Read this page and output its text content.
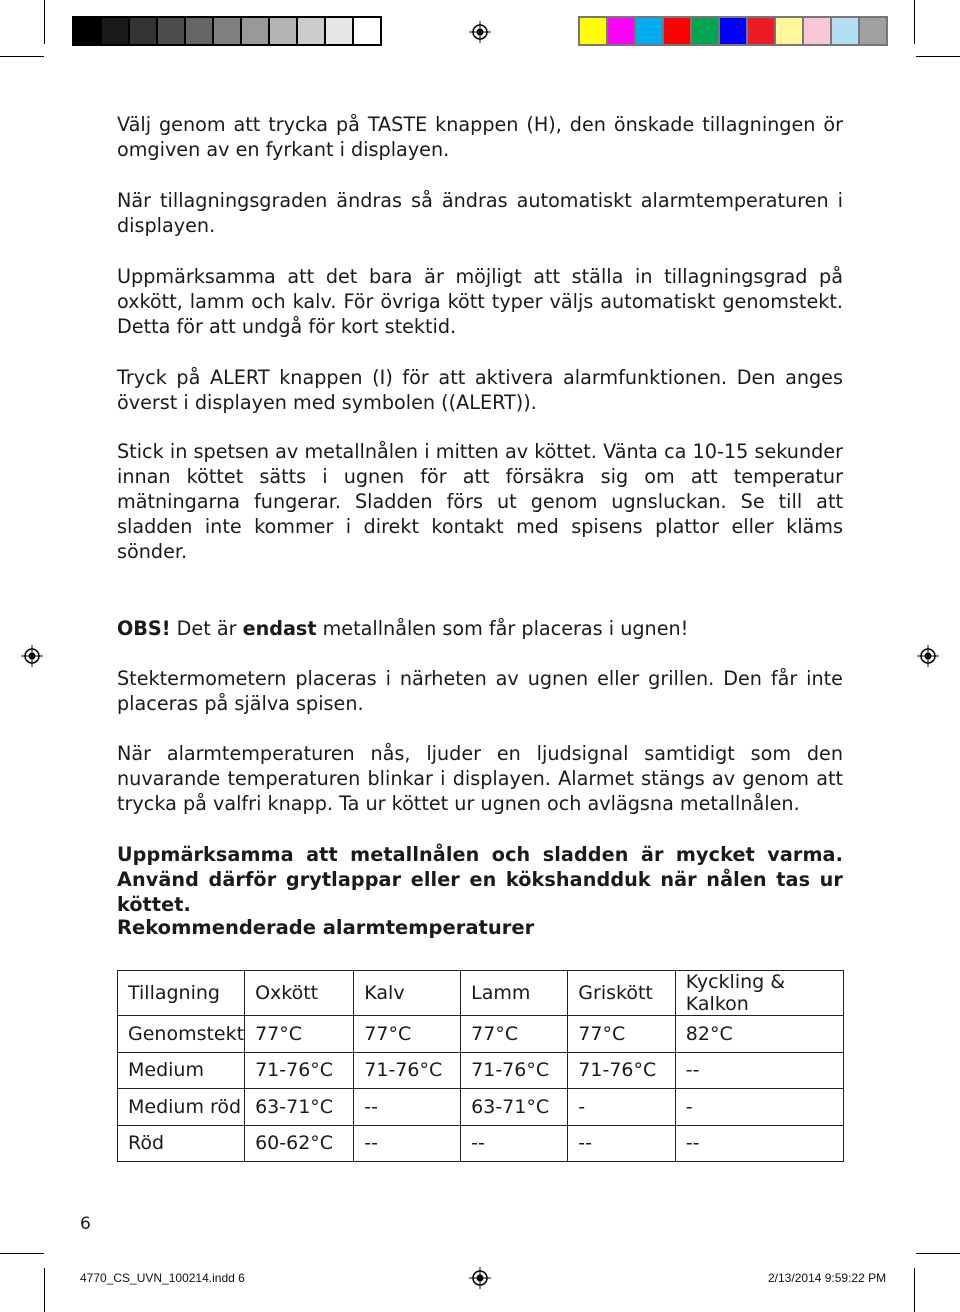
Välj genom att trycka på TASTE knappen (H), den önskade tillagningen ör omgiven av en fyrkant i displayen.

När tillagningsgraden ändras så ändras automatiskt alarmtemperaturen i displayen.

Uppmärksamma att det bara är möjligt att ställa in tillagningsgrad på oxkött, lamm och kalv. För övriga kött typer väljs automatiskt genomstekt. Detta för att undgå för kort stektid.

Tryck på ALERT knappen (I) för att aktivera alarmfunktionen. Den anges överst i displayen med symbolen ((ALERT)).

Stick in spetsen av metallnålen i mitten av köttet. Vänta ca 10-15 sekunder innan köttet sätts i ugnen för att försäkra sig om att temperatur mätningarna fungerar. Sladden förs ut genom ugnsluckan. Se till att sladden inte kommer i direkt kontakt med spisens plattor eller kläms sönder.

OBS! Det är endast metallnålen som får placeras i ugnen!

Stektermometern placeras i närheten av ugnen eller grillen. Den får inte placeras på själva spisen.

När alarmtemperaturen nås, ljuder en ljudsignal samtidigt som den nuvarande temperaturen blinkar i displayen. Alarmet stängs av genom att trycka på valfri knapp. Ta ur köttet ur ugnen och avlägsna metallnålen.

Uppmärksamma att metallnålen och sladden är mycket varma. Använd därför grytlappar eller en kökshandduk när nålen tas ur köttet.

Rekommenderade alarmtemperaturer
Tillagning	Oxkött	Kalv	Lamm	Griskött	Kyckling & Kalkon
Genomstekt	77°C	77°C	77°C	77°C	82°C
Medium	71-76°C	71-76°C	71-76°C	71-76°C	--
Medium röd	63-71°C	--	63-71°C	-	-
Röd	60-62°C	--	--	--	--
6
4770_CS_UVN_100214.indd 6	2/13/2014 9:59:22 PM
